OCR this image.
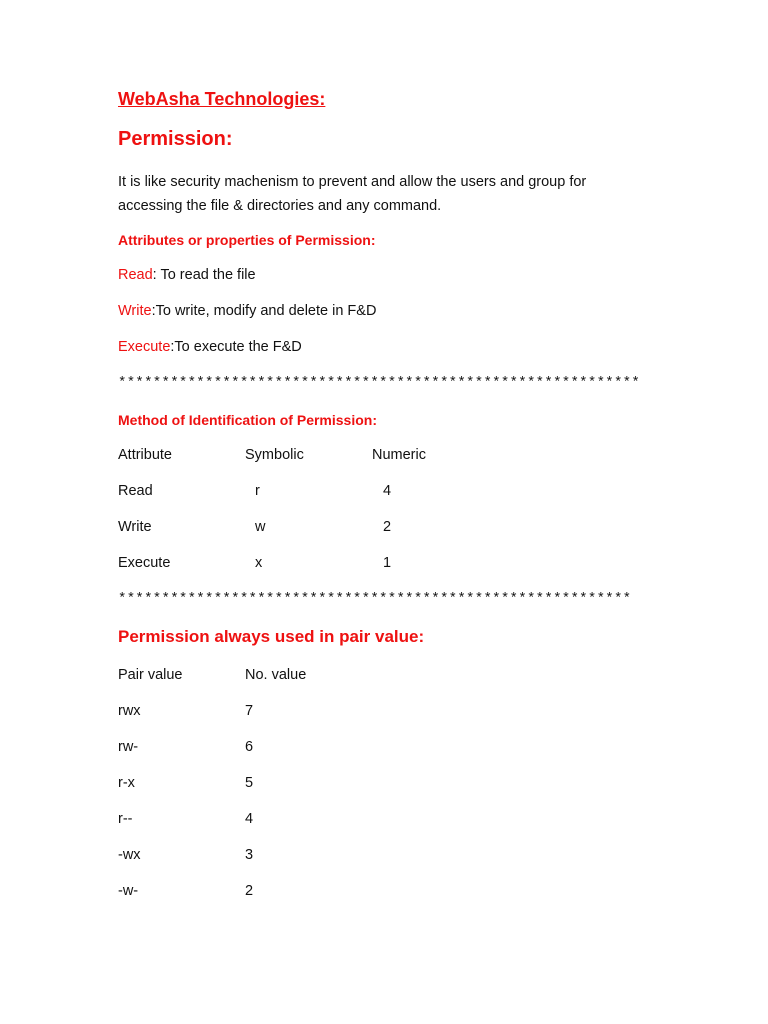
WebAsha Technologies:
Permission:
It is like security machenism to prevent and allow the users and group for accessing the file & directories and any command.
Attributes or properties of Permission:
Read: To read the file
Write:To write, modify and delete in F&D
Execute:To execute the F&D
************************************************************
Method of Identification of Permission:
Attribute	Symbolic	Numeric
Read	r	4
Write	w	2
Execute	x	1
***********************************************************
Permission always used in pair value:
Pair value	No. value
rwx	7
rw-	6
r-x	5
r--	4
-wx	3
-w-	2
